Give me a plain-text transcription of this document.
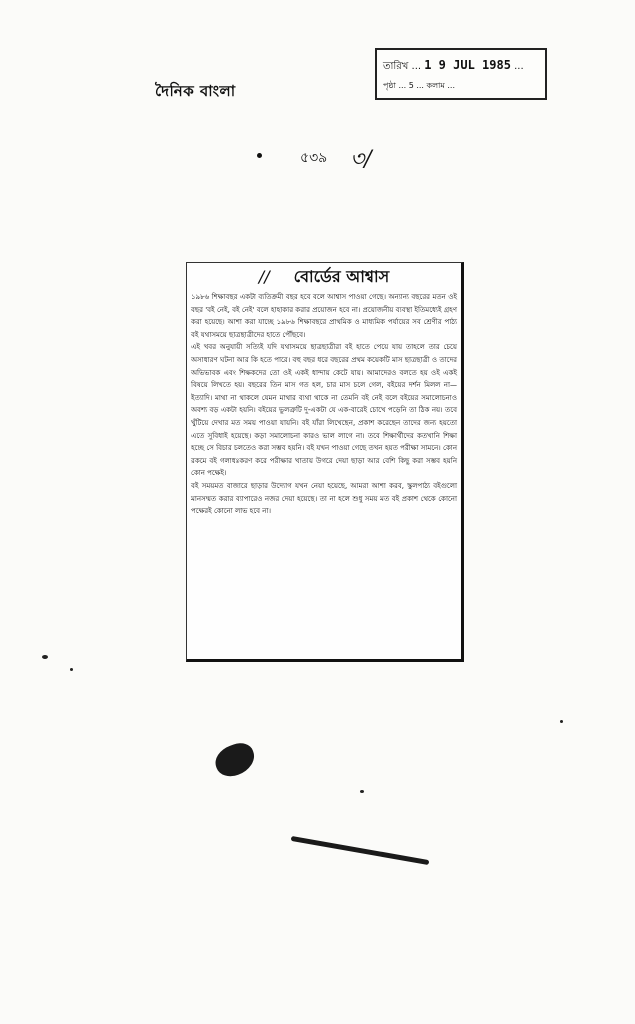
দৈনিক বাংলা
তারিখ ... 1 9 JUL 1985 ...
পৃষ্ঠা ... 5 ... কলাম ...
৫৩৯ ৩/
// বোর্ডের আশ্বাস

১৯৮৬ শিক্ষাবছর একটা ব্যতিক্রমী বছর হবে বলে আশ্বাস পাওয়া গেছে। অন্যান্য বছরের মতন ওই বছর 'বই নেই, বই নেই' বলে হাহাকার করার প্রয়োজন হবে না। প্রয়োজনীয় ব্যবস্থা ইতিমধ্যেই গ্রহণ করা হয়েছে। আশা করা যাচ্ছে ১৯৮৬ শিক্ষাবছরে প্রাথমিক ও মাধ্যমিক পর্যায়ের সব শ্রেণীর পাঠ্য বই যথাসময়ে ছাত্রছাত্রীদের হাতে পৌঁছবে।

এই খবর অনুযায়ী সত্যিই যদি যথাসময়ে ছাত্রছাত্রীরা বই হাতে পেয়ে যায় তাহলে তার চেয়ে অসাধারণ ঘটনা আর কি হতে পারে। বহু বছর ধরে বছরের প্রথম কয়েকটি মাস ছাত্রছাত্রী ও তাদের অভিভাবক এবং শিক্ষকদের তো ওই একই ধান্দায় কেটে যায়। আমাদেরও বলতে হয় ওই একই বিষয়ে লিখতে হয়। বছরের তিন মাস গত হল, চার মাস চলে গেল, বইয়ের দর্শন মিলল না—ইত্যাদি। মাথা না থাকলে যেমন মাথার ব্যথা থাকে না তেমনি বই নেই বলে বইয়ের সমালোচনাও অবশ্য বড় একটা হয়নি। বইয়ের ভুলত্রুটি দু-একটা যে এক-বারেই চোখে পড়েনি তা ঠিক নয়। তবে খুঁটিয়ে দেখার মত সময় পাওয়া যায়নি। বই যাঁরা লিখেছেন, প্রকাশ করেছেন তাদের জন্য হয়তো এতে সুবিধাই হয়েছে। কড়া সমালোচনা কারও ভাল লাগে না। তবে শিক্ষার্থীদের কতখানি শিক্ষা হচ্ছে সে বিচার চলতেও করা সম্ভব হয়নি। বই যখন পাওয়া গেছে তখন হয়ত পরীক্ষা সামনে। কোন রকমে বই গলাধঃকরণ করে পরীক্ষার খাতায় উগরে দেয়া ছাড়া আর বেশি কিছু করা সম্ভব হয়নি কোন পক্ষেই।

বই সময়মত বাজারে ছাড়ার উদ্যোগ যখন নেয়া হয়েছে, আমরা আশা করব, স্কুলপাঠ্য বইগুলো মানসম্মত করার ব্যাপারেও নজর দেয়া হয়েছে। তা না হলে শুধু সময় মত বই প্রকাশ থেকে কোনো পক্ষেরই কোনো লাভ হবে না।
